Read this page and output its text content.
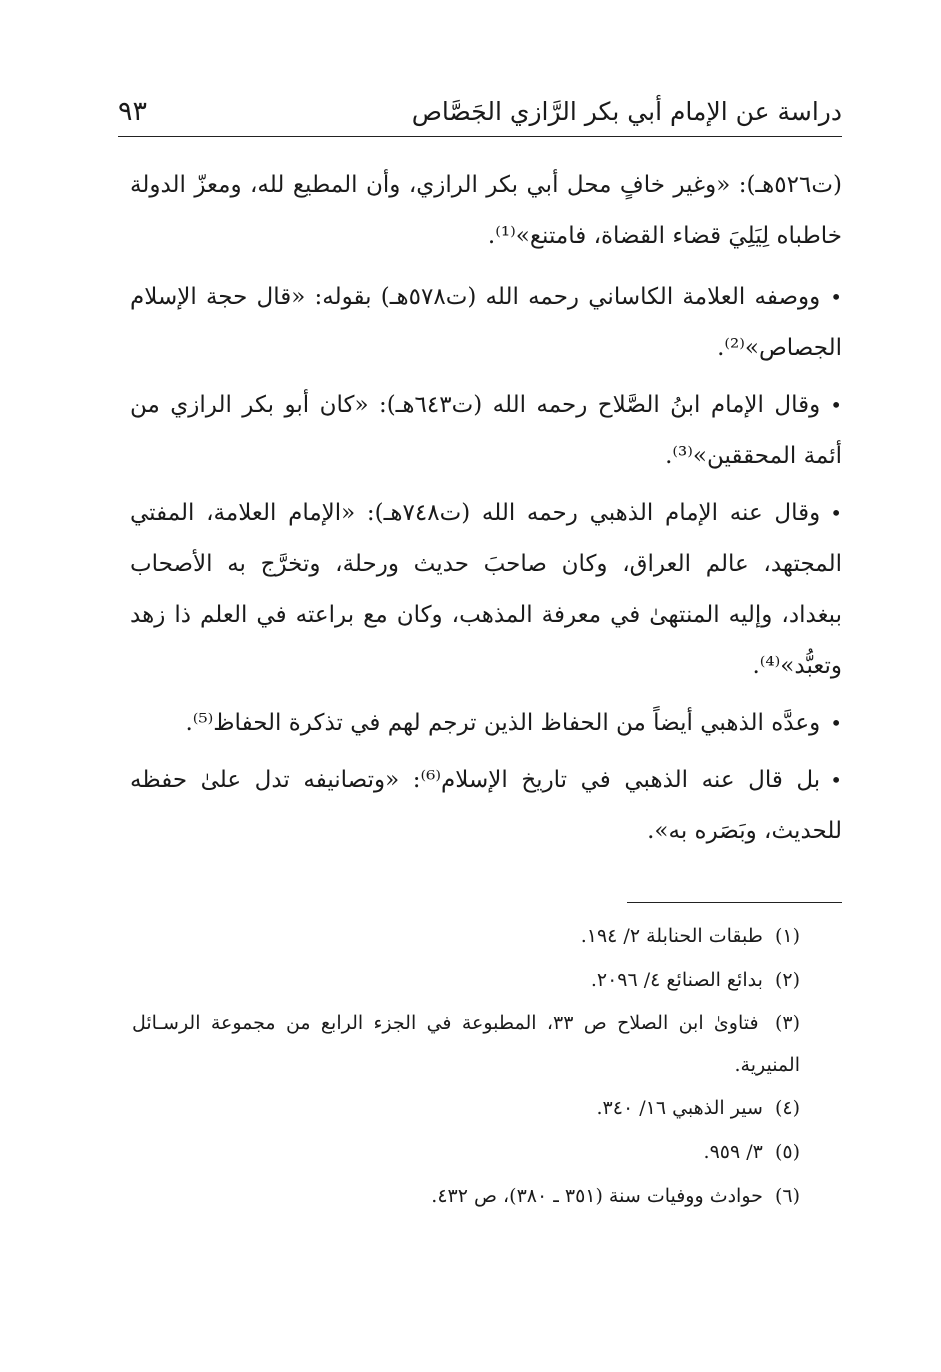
دراسة عن الإمام أبي بكر الرَّازي الجَصَّاص
٩٣

(ت٥٢٦هـ): «وغير خافٍ محل أبي بكر الرازي، وأن المطيع لله، ومعزّ الدولة خاطباه لِيَلِيَ قضاء القضاة، فامتنع»⁽¹⁾.

•ووصفه العلامة الكاساني رحمه الله (ت٥٧٨هـ) بقوله: «قال حجة الإسلام الجصاص»⁽²⁾.

•وقال الإمام ابنُ الصَّلاح رحمه الله (ت٦٤٣هـ): «كان أبو بكر الرازي من أئمة المحققين»⁽³⁾.

•وقال عنه الإمام الذهبي رحمه الله (ت٧٤٨هـ): «الإمام العلامة، المفتي المجتهد، عالم العراق، وكان صاحبَ حديث ورحلة، وتخرَّج به الأصحاب ببغداد، وإليه المنتهىٰ في معرفة المذهب، وكان مع براعته في العلم ذا زهد وتعبُّد»⁽⁴⁾.

•وعدَّه الذهبي أيضاً من الحفاظ الذين ترجم لهم في تذكرة الحفاظ⁽⁵⁾.

•بل قال عنه الذهبي في تاريخ الإسلام⁽⁶⁾: «وتصانيفه تدل علىٰ حفظه للحديث، وبَصَره به».

(١) طبقات الحنابلة ٢/ ١٩٤.

(٢) بدائع الصنائع ٤/ ٢٠٩٦.

(٣) فتاوىٰ ابن الصلاح ص ٣٣، المطبوعة في الجزء الرابع من مجموعة الرسـائل المنيرية.

(٤) سير الذهبي ١٦/ ٣٤٠.

(٥) ٣/ ٩٥٩.

(٦) حوادث ووفيات سنة (٣٥١ ـ ٣٨٠)، ص ٤٣٢.
